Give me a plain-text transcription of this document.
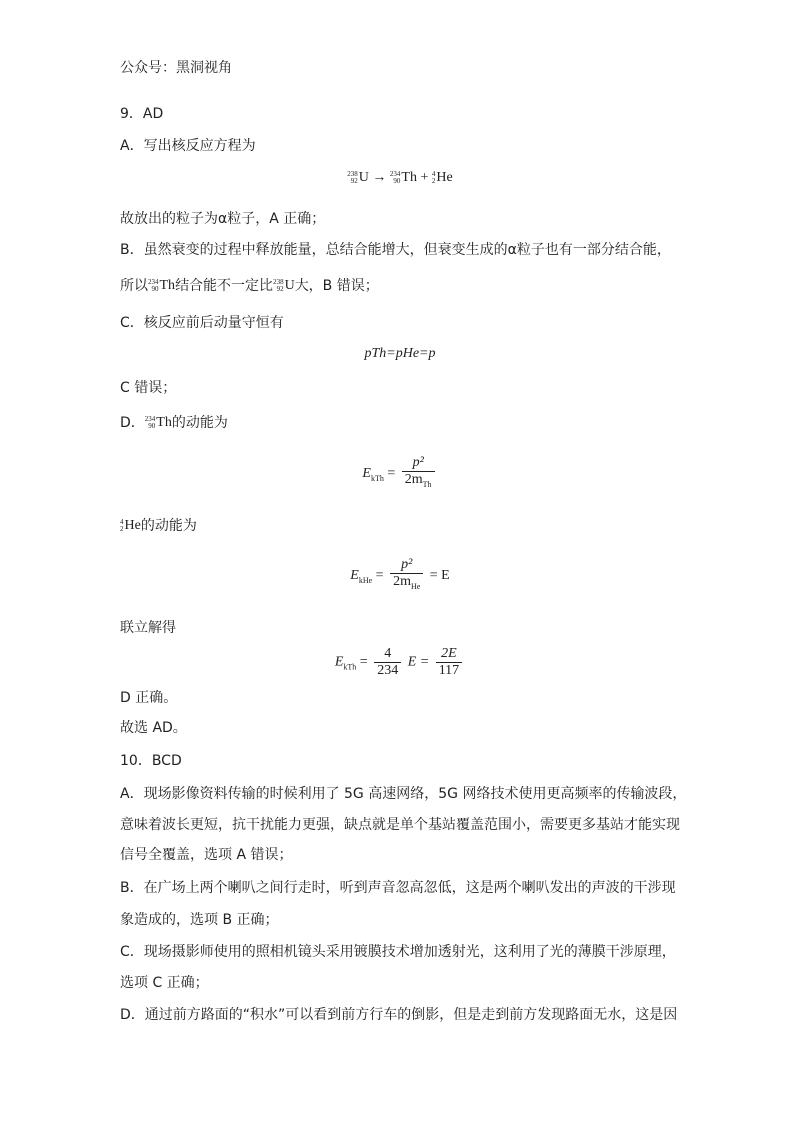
公众号：黑洞视角
9．AD
A．写出核反应方程为
238
92 U → 234
90 Th + 4
2 He
故放出的粒子为α粒子，A 正确；
B．虽然衰变的过程中释放能量，总结合能增大，但衰变生成的α粒子也有一部分结合能，
所以 234
90 Th结合能不一定比 238
92 U大，B 错误；
C．核反应前后动量守恒有
pTh=pHe=p
C 错误；
D． 234
90 Th的动能为
$E_{kTh} = \frac{\text{p²}}{2m_{Th}}$
4
2 He的动能为
$E_{kHe} = \frac{\text{p²}}{2m_{He}} = E$
联立解得
$E_{kTh} = \frac{4}{234}$ $E = \frac{2E}{117}$
D 正确。
故选 AD。
10．BCD
A．现场影像资料传输的时候利用了 5G 高速网络，5G 网络技术使用更高频率的传输波段，
意味着波长更短，抗干扰能力更强，缺点就是单个基站覆盖范围小，需要更多基站才能实现
信号全覆盖，选项 A 错误；
B．在广场上两个喇叭之间行走时，听到声音忽高忽低，这是两个喇叭发出的声波的干涉现
象造成的，选项 B 正确；
C．现场摄影师使用的照相机镜头采用镀膜技术增加透射光，这利用了光的薄膜干涉原理，
选项 C 正确；
D．通过前方路面的“积水”可以看到前方行车的倒影，但是走到前方发现路面无水，这是因
